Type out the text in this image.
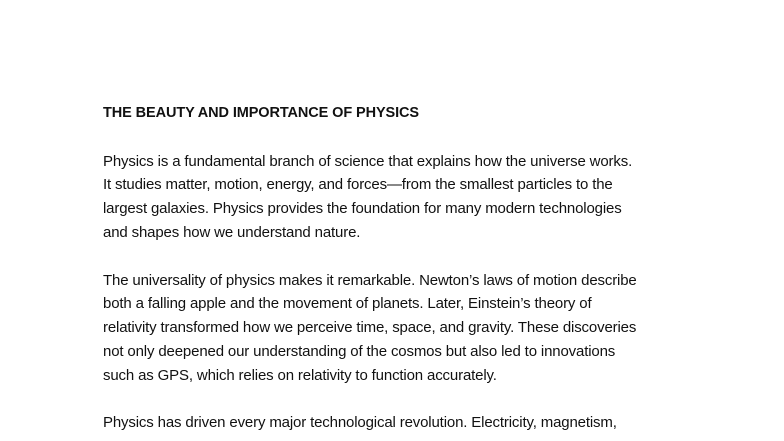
THE BEAUTY AND IMPORTANCE OF PHYSICS
Physics is a fundamental branch of science that explains how the universe works.
It studies matter, motion, energy, and forces—from the smallest particles to the
largest galaxies. Physics provides the foundation for many modern technologies
and shapes how we understand nature.
The universality of physics makes it remarkable. Newton’s laws of motion describe
both a falling apple and the movement of planets. Later, Einstein’s theory of
relativity transformed how we perceive time, space, and gravity. These discoveries
not only deepened our understanding of the cosmos but also led to innovations
such as GPS, which relies on relativity to function accurately.
Physics has driven every major technological revolution. Electricity, magnetism,
